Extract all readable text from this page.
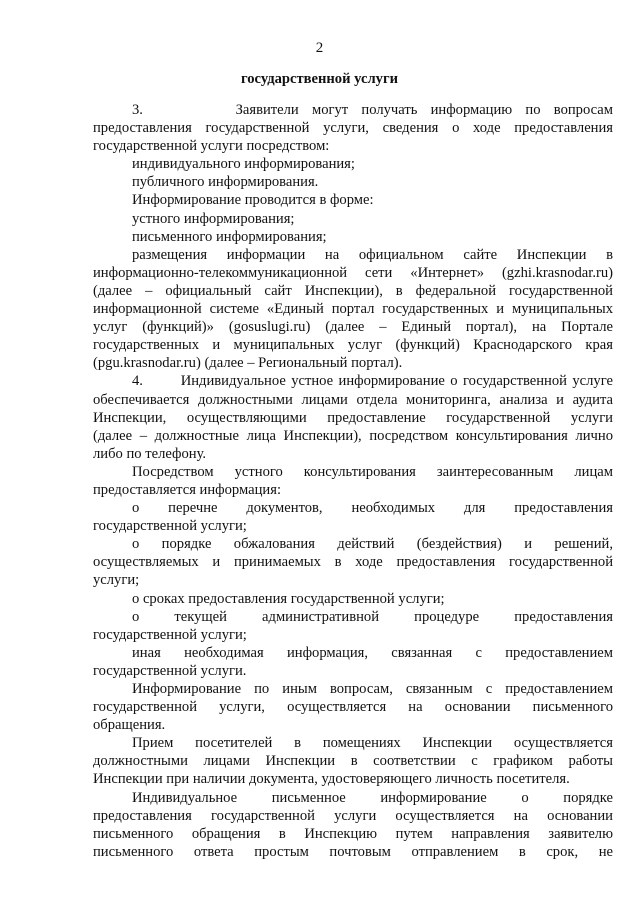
2
государственной услуги
3.       Заявители могут получать информацию по вопросам
предоставления государственной услуги, сведения о ходе предоставления
государственной услуги посредством:
индивидуального информирования;
публичного информирования.
Информирование проводится в форме:
устного информирования;
письменного информирования;
размещения информации на официальном сайте Инспекции в
информационно-телекоммуникационной сети «Интернет» (gzhi.krasnodar.ru)
(далее – официальный сайт Инспекции), в федеральной государственной
информационной системе «Единый портал государственных и муниципальных
услуг (функций)» (gosuslugi.ru) (далее – Единый портал), на Портале
государственных и муниципальных услуг (функций) Краснодарского края
(pgu.krasnodar.ru) (далее – Региональный портал).
4.       Индивидуальное устное информирование о государственной услуге
обеспечивается должностными лицами отдела мониторинга, анализа и аудита
Инспекции, осуществляющими предоставление государственной услуги
(далее – должностные лица Инспекции), посредством консультирования лично
либо по телефону.
Посредством устного консультирования заинтересованным лицам
предоставляется информация:
о перечне документов, необходимых для предоставления
государственной услуги;
о порядке обжалования действий (бездействия) и решений,
осуществляемых и принимаемых в ходе предоставления государственной
услуги;
о сроках предоставления государственной услуги;
о текущей административной процедуре предоставления
государственной услуги;
иная необходимая информация, связанная с предоставлением
государственной услуги.
Информирование по иным вопросам, связанным с предоставлением
государственной услуги, осуществляется на основании письменного
обращения.
Прием посетителей в помещениях Инспекции осуществляется
должностными лицами Инспекции в соответствии с графиком работы
Инспекции при наличии документа, удостоверяющего личность посетителя.
Индивидуальное письменное информирование о порядке
предоставления государственной услуги осуществляется на основании
письменного обращения в Инспекцию путем направления заявителю
письменного ответа простым почтовым отправлением в срок, не
